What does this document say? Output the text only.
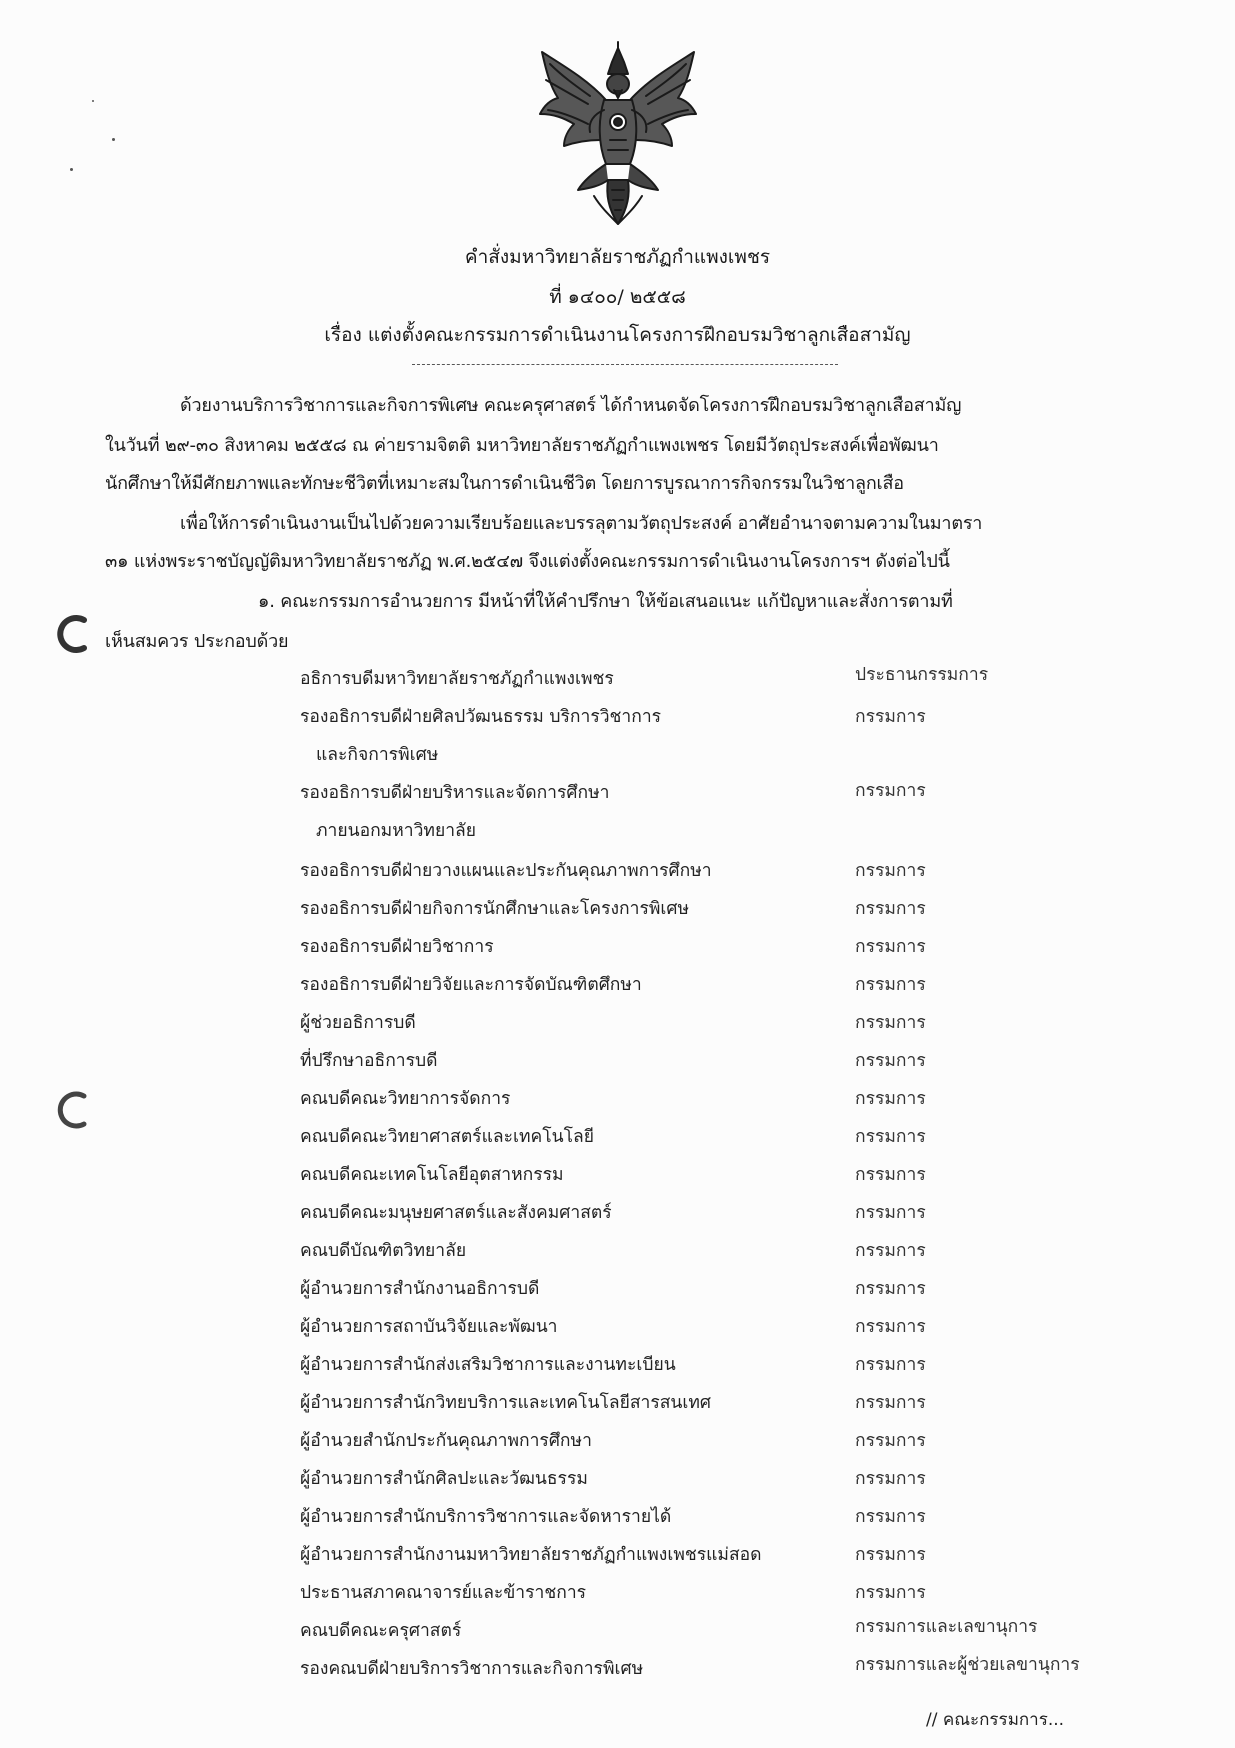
คำสั่งมหาวิทยาลัยราชภัฏกำแพงเพชร
ที่ ๑๔๐๐/ ๒๕๕๘
เรื่อง แต่งตั้งคณะกรรมการดำเนินงานโครงการฝึกอบรมวิชาลูกเสือสามัญ
ด้วยงานบริการวิชาการและกิจการพิเศษ คณะครุศาสตร์ ได้กำหนดจัดโครงการฝึกอบรมวิชาลูกเสือสามัญ
ในวันที่ ๒๙-๓๐ สิงหาคม ๒๕๕๘ ณ ค่ายรามจิตติ มหาวิทยาลัยราชภัฏกำแพงเพชร โดยมีวัตถุประสงค์เพื่อพัฒนา
นักศึกษาให้มีศักยภาพและทักษะชีวิตที่เหมาะสมในการดำเนินชีวิต โดยการบูรณาการกิจกรรมในวิชาลูกเสือ
เพื่อให้การดำเนินงานเป็นไปด้วยความเรียบร้อยและบรรลุตามวัตถุประสงค์ อาศัยอำนาจตามความในมาตรา
๓๑ แห่งพระราชบัญญัติมหาวิทยาลัยราชภัฏ พ.ศ.๒๕๔๗ จึงแต่งตั้งคณะกรรมการดำเนินงานโครงการฯ ดังต่อไปนี้
๑. คณะกรรมการอำนวยการ มีหน้าที่ให้คำปรึกษา ให้ข้อเสนอแนะ แก้ปัญหาและสั่งการตามที่
เห็นสมควร ประกอบด้วย
อธิการบดีมหาวิทยาลัยราชภัฏกำแพงเพชร	ประธานกรรมการ
รองอธิการบดีฝ่ายศิลปวัฒนธรรม บริการวิชาการ	กรรมการ
และกิจการพิเศษ
รองอธิการบดีฝ่ายบริหารและจัดการศึกษา	กรรมการ
ภายนอกมหาวิทยาลัย
รองอธิการบดีฝ่ายวางแผนและประกันคุณภาพการศึกษา	กรรมการ
รองอธิการบดีฝ่ายกิจการนักศึกษาและโครงการพิเศษ	กรรมการ
รองอธิการบดีฝ่ายวิชาการ	กรรมการ
รองอธิการบดีฝ่ายวิจัยและการจัดบัณฑิตศึกษา	กรรมการ
ผู้ช่วยอธิการบดี	กรรมการ
ที่ปรึกษาอธิการบดี	กรรมการ
คณบดีคณะวิทยาการจัดการ	กรรมการ
คณบดีคณะวิทยาศาสตร์และเทคโนโลยี	กรรมการ
คณบดีคณะเทคโนโลยีอุตสาหกรรม	กรรมการ
คณบดีคณะมนุษยศาสตร์และสังคมศาสตร์	กรรมการ
คณบดีบัณฑิตวิทยาลัย	กรรมการ
ผู้อำนวยการสำนักงานอธิการบดี	กรรมการ
ผู้อำนวยการสถาบันวิจัยและพัฒนา	กรรมการ
ผู้อำนวยการสำนักส่งเสริมวิชาการและงานทะเบียน	กรรมการ
ผู้อำนวยการสำนักวิทยบริการและเทคโนโลยีสารสนเทศ	กรรมการ
ผู้อำนวยสำนักประกันคุณภาพการศึกษา	กรรมการ
ผู้อำนวยการสำนักศิลปะและวัฒนธรรม	กรรมการ
ผู้อำนวยการสำนักบริการวิชาการและจัดหารายได้	กรรมการ
ผู้อำนวยการสำนักงานมหาวิทยาลัยราชภัฏกำแพงเพชรแม่สอด	กรรมการ
ประธานสภาคณาจารย์และข้าราชการ	กรรมการ
คณบดีคณะครุศาสตร์	กรรมการและเลขานุการ
รองคณบดีฝ่ายบริการวิชาการและกิจการพิเศษ	กรรมการและผู้ช่วยเลขานุการ
// คณะกรรมการ...
